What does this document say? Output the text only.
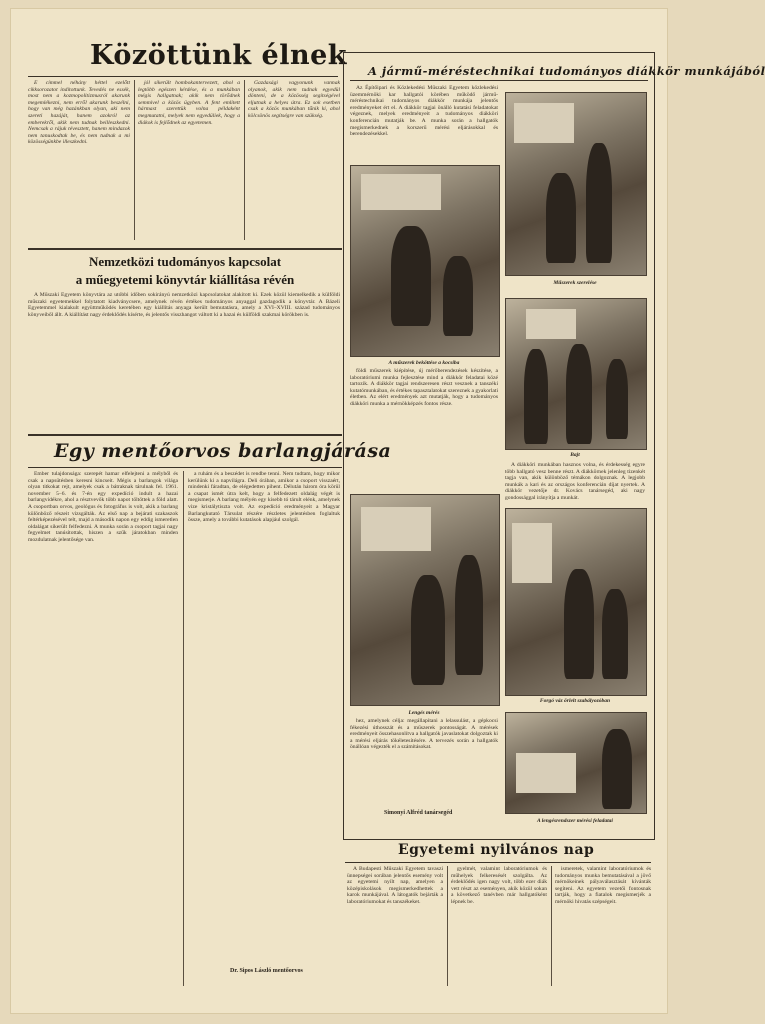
Közöttünk élnek

E címmel néhány héttel ezelőtt cikksorozatot indítottunk. Tevedés ne essék, most nem a kozmopolitizmusról akarunk megemlékezni, nem erről akarunk beszélni, hogy van még hazánkban olyan, aki nem szereti hazáját, hanem azokról az emberekről, akik nem tudnak beilleszkedni. Nemcsak a rájuk tévesztett, hanem mindazok nem tanuskodtak be, és nem tudnak a mi közösségünkbe illeszkedni.

jól sikerült hombokantervezett, ahol a legtöbb egészen kérdése, és a munkában mégis hallgatnak; akik nem törődnek semmivel a közös ügyben. A fent említett hármast szerettük volna példaként megmutatni, melyek nem egyedüliek, hogy a diákok is fejlődnek az egyetemen.

Gazdasági vagyonunk vannak olyanok, akik nem tudnak egyedül dönteni, de a közösség segítségével eljutnak a helyes útra. Ez sok esetben csak a közös munkában tűnik ki, ahol kölcsönös segítségre van szükség.

Nemzetközi tudományos kapcsolat
a műegyetemi könyvtár kiállítása révén

A Műszaki Egyetem könyvtára az utóbbi időben sokirányú nemzetközi kapcsolatokat alakított ki. Ezek közül kiemelkedik a külföldi műszaki egyetemekkel folytatott kiadványcsere, amelynek révén értékes tudományos anyaggal gazdagodik a könyvtár. A Bázeli Egyetemmel kialakult együttműködés keretében egy kiállítás anyaga került bemutatásra, amely a XVI–XVIII. század tudományos könyveiből állt. A kiállítást nagy érdeklődés kísérte, és jelentős visszhangot váltott ki a hazai és külföldi szakmai körökben is.

Egy mentőorvos barlangjárása

Ember tulajdonsága: szerepét hamar elfelejteni a mélyből és csak a napsütésben keresni kincseit. Mégis a barlangok világa olyan titkokat rejt, amelyek csak a bátraknak tárulnak fel. 1961. november 5–6. és 7-én egy expedíció indult a hazai barlangvidékre, ahol a résztvevők több napot töltöttek a föld alatt. A csoportban orvos, geológus és fotográfus is volt, akik a barlang különböző részeit vizsgálták. Az első nap a bejárati szakaszok feltérképezésével telt, majd a második napon egy eddig ismeretlen oldalágat sikerült felfedezni. A munka során a csoport tagjai nagy fegyelmet tanúsítottak, hiszen a szűk járatokban minden mozdulatnak jelentősége van.

a ruhám és a beszédet is rendbe tenni. Nem tudtam, hogy mikor kerülünk ki a napvilágra. Deli órában, amikor a csoport visszaért, mindenki fáradtan, de elégedetten pihent. Délután három óra körül a csapat ismét útra kelt, hogy a felfedezett oldalág végét is megismerje. A barlang mélyén egy kisebb tó tárult elénk, amelynek vize kristálytiszta volt. Az expedíció eredményeit a Magyar Barlangkutató Társulat részére részletes jelentésben foglaltuk össze, amely a további kutatások alapjául szolgál.

Dr. Sipos László mentőorvos
A jármű-méréstechnikai tudományos diákkör munkájából

Az Építőipari és Közlekedési Műszaki Egyetem közlekedési üzemmérnöki kar hallgatói körében működő jármű-méréstechnikai tudományos diákkör munkája jelentős eredményeket ért el. A diákkör tagjai önálló kutatási feladatokat végeznek, melyek eredményeit a tudományos diákköri konferencián mutatják be. A munka során a hallgatók megismerkednek a korszerű mérési eljárásokkal és berendezésekkel.

Műszerek szerelése
A műszerek beköttése a kocsiba

földi műszerek kiépítése, új mérőberendezések készítése, a laboratóriumi munka fejlesztése mind a diákkör feladatai közé tartozik. A diákkör tagjai rendszeresen részt vesznek a tanszéki kutatómunkában, és értékes tapasztalatokat szereznek a gyakorlati életben. Az elért eredmények azt mutatják, hogy a tudományos diákköri munka a mérnökképzés fontos része.

Bajt

A diákköri munkában hasznos volna, és érdekesség egyre több hallgató vesz benne részt. A diákkörnek jelenleg tizenkét tagja van, akik különböző témákon dolgoznak. A legjobb munkák a kari és az országos konferencián díjat nyertek. A diákkör vezetője dr. Kovács tanársegéd, aki nagy gondossággal irányítja a munkát.

Lengés mérés
Forgó váz örlelt szabályozóban

hez, amelynek célja: megállapítani a lelassulást, a gépkocsi fékezési úthosszát és a műszerek pontosságát. A mérések eredményeit összehasonlítva a hallgatók javaslatokat dolgoztak ki a mérési eljárás tökéletesítésére. A tervezés során a hallgatók önállóan végezték el a számításokat.

Simonyi Alfréd tanársegéd
A lengésrendszer mérési feladatai
Egyetemi nyilvános nap

A Budapesti Műszaki Egyetem tavaszi ünnepségei sorában jelentős esemény volt az egyetemi nyílt nap, amelyen a középiskolások megismerkedhettek a karok munkájával. A látogatók bejárták a laboratóriumokat és tanszékeket.

gyelmét, valamint laboratóriumok és műhelyek felkeresését szolgálta. Az érdeklődés igen nagy volt, több ezer diák vett részt az eseményen, akik közül sokan a következő tanévben már hallgatóként lépnek be.

ismeretek, valamint laboratóriumok és tudományos munka bemutatásával a jövő mérnökeinek pályaválasztását kívánták segíteni. Az egyetem vezetői fontosnak tartják, hogy a fiatalok megismerjék a mérnöki hivatás szépségeit.
